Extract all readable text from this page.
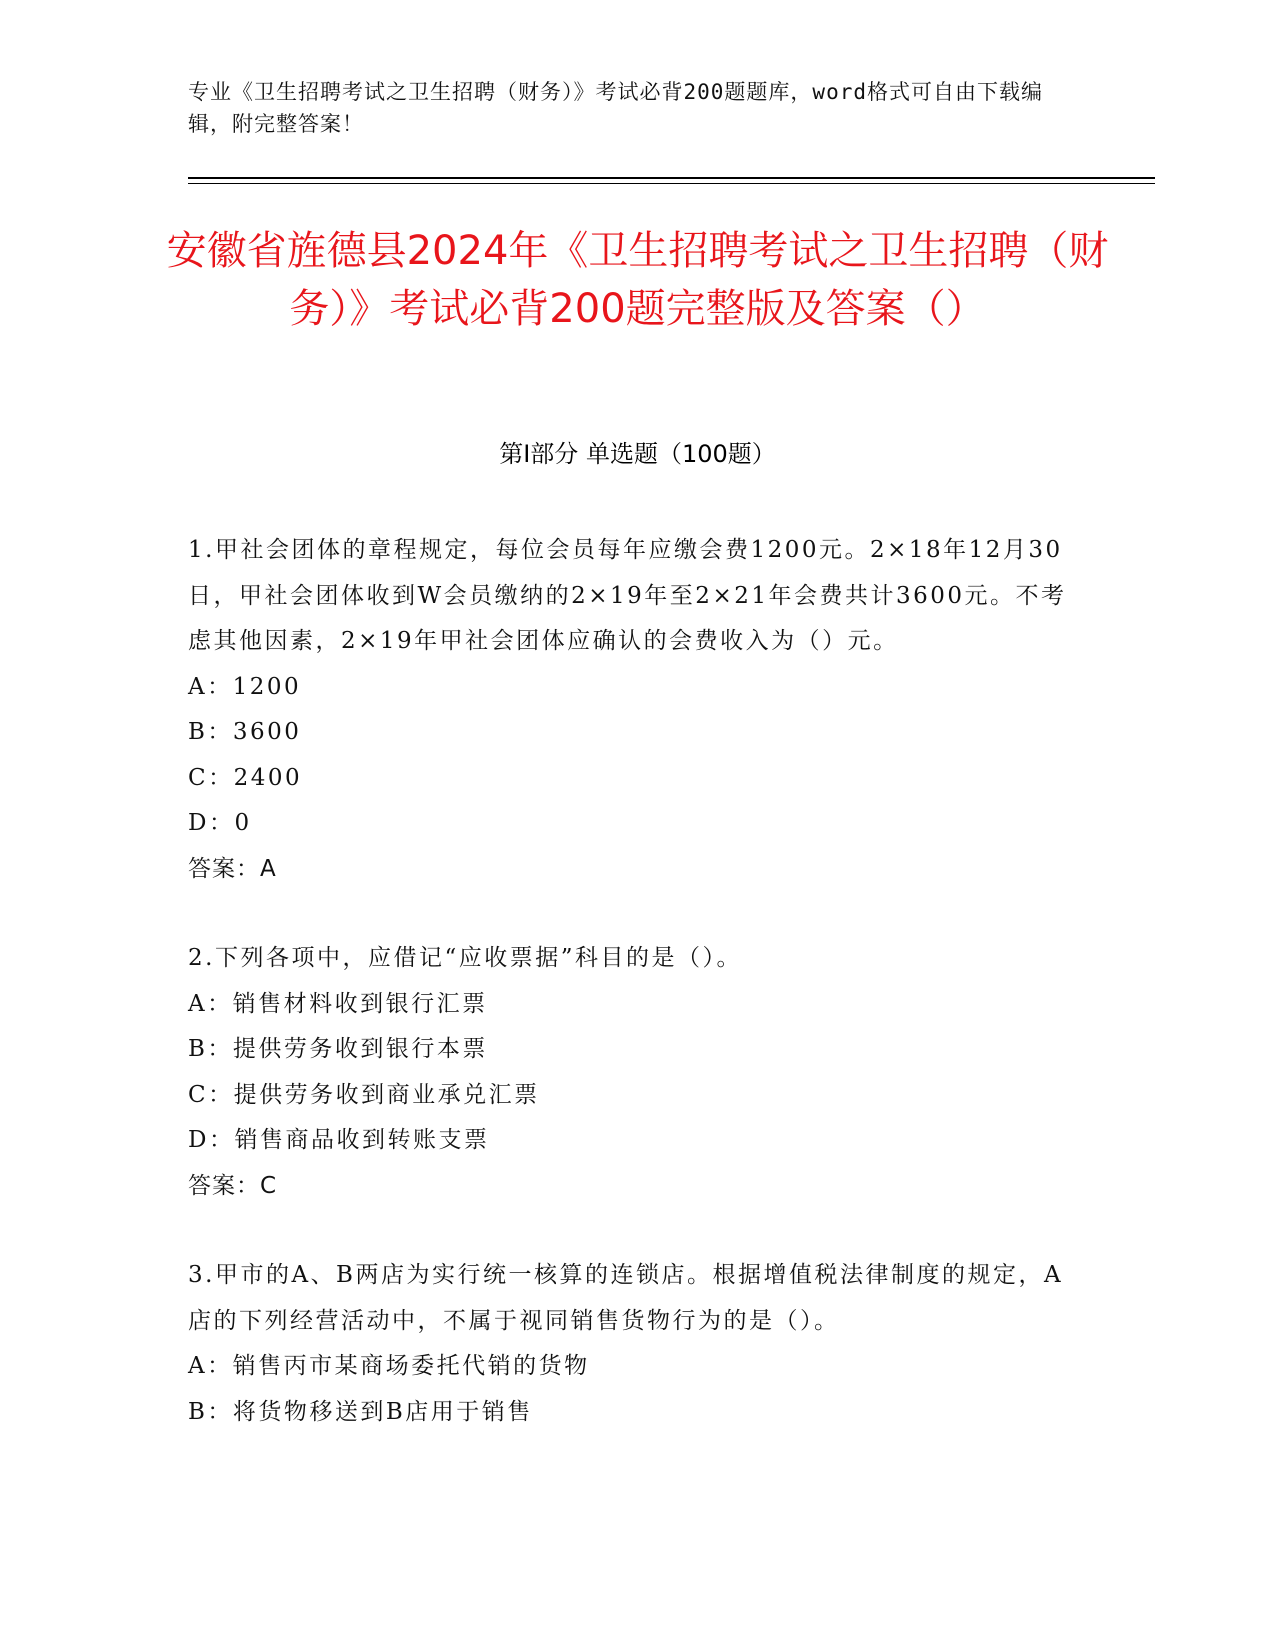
专业《卫生招聘考试之卫生招聘（财务）》考试必背200题题库，word格式可自由下载编辑，附完整答案！
安徽省旌德县2024年《卫生招聘考试之卫生招聘（财务）》考试必背200题完整版及答案（）
第I部分 单选题（100题）
1.甲社会团体的章程规定，每位会员每年应缴会费1200元。2×18年12月30日，甲社会团体收到W会员缴纳的2×19年至2×21年会费共计3600元。不考虑其他因素，2×19年甲社会团体应确认的会费收入为（）元。
A：1200
B：3600
C：2400
D：0
答案：A
2.下列各项中，应借记“应收票据”科目的是（）。
A：销售材料收到银行汇票
B：提供劳务收到银行本票
C：提供劳务收到商业承兑汇票
D：销售商品收到转账支票
答案：C
3.甲市的A、B两店为实行统一核算的连锁店。根据增值税法律制度的规定，A店的下列经营活动中，不属于视同销售货物行为的是（）。
A：销售丙市某商场委托代销的货物
B：将货物移送到B店用于销售
